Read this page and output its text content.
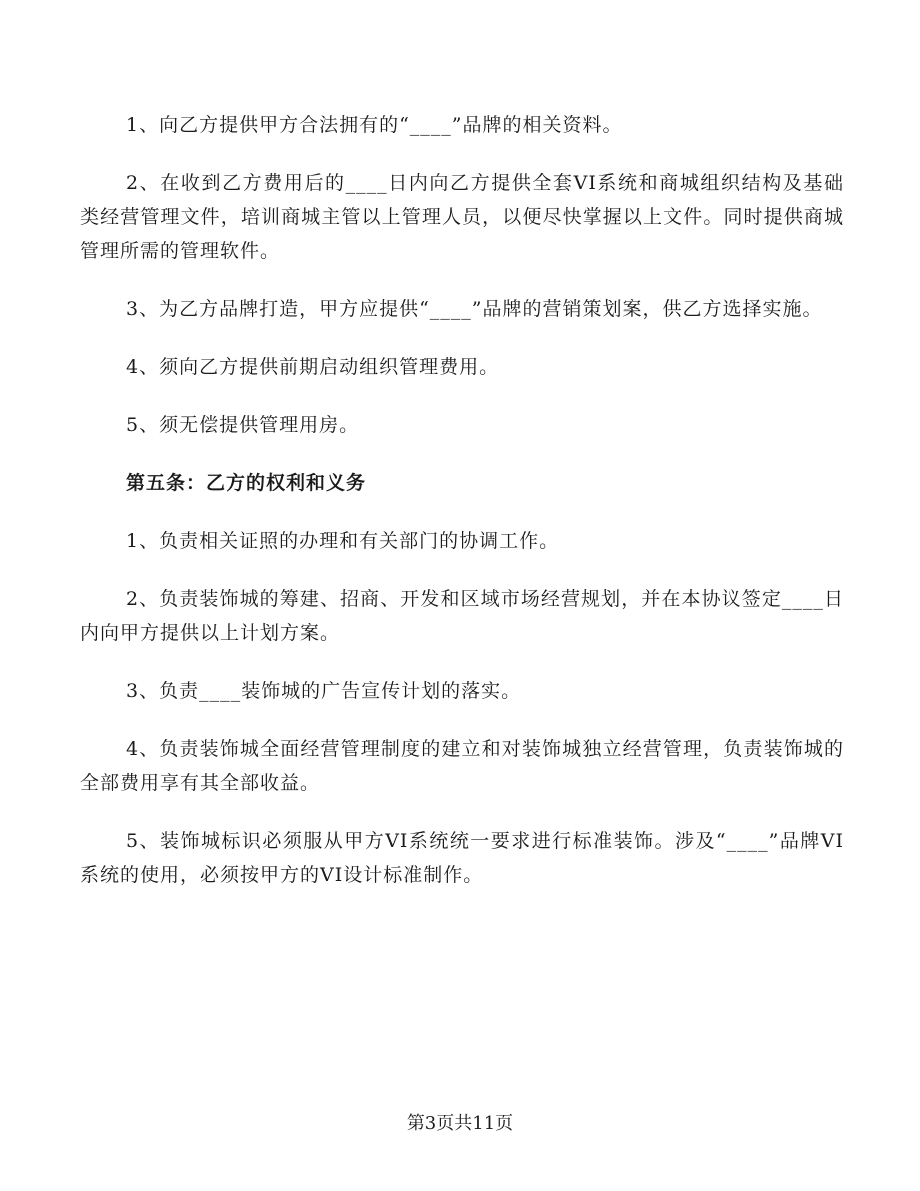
1、向乙方提供甲方合法拥有的“____”品牌的相关资料。

2、在收到乙方费用后的____日内向乙方提供全套VI系统和商城组织结构及基础类经营管理文件，培训商城主管以上管理人员，以便尽快掌握以上文件。同时提供商城管理所需的管理软件。

3、为乙方品牌打造，甲方应提供“____”品牌的营销策划案，供乙方选择实施。

4、须向乙方提供前期启动组织管理费用。

5、须无偿提供管理用房。

第五条：乙方的权利和义务

1、负责相关证照的办理和有关部门的协调工作。

2、负责装饰城的筹建、招商、开发和区域市场经营规划，并在本协议签定____日内向甲方提供以上计划方案。

3、负责____装饰城的广告宣传计划的落实。

4、负责装饰城全面经营管理制度的建立和对装饰城独立经营管理，负责装饰城的全部费用享有其全部收益。

5、装饰城标识必须服从甲方VI系统统一要求进行标准装饰。涉及“____”品牌VI系统的使用，必须按甲方的VI设计标准制作。

第3页共11页
